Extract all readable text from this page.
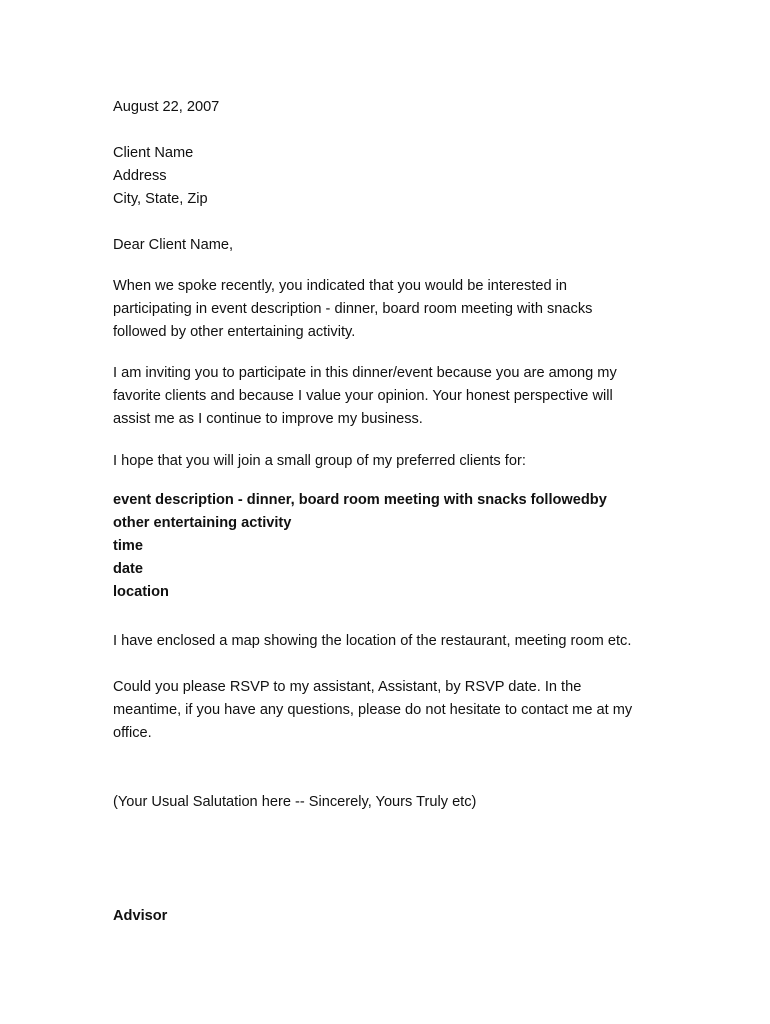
August 22, 2007

Client Name
Address
City, State, Zip

Dear Client Name,

When we spoke recently, you indicated that you would be interested in
participating in event description - dinner, board room meeting with snacks
followed by other entertaining activity.

I am inviting you to participate in this dinner/event because you are among my
favorite clients and because I value your opinion. Your honest perspective will
assist me as I continue to improve my business.

I hope that you will join a small group of my preferred clients for:

event description - dinner, board room meeting with snacks followedby
other entertaining activity
time
date
location

I have enclosed a map showing the location of the restaurant, meeting room etc.

Could you please RSVP to my assistant, Assistant, by RSVP date. In the
meantime, if you have any questions, please do not hesitate to contact me at my
office.

(Your Usual Salutation here -- Sincerely, Yours Truly etc)

Advisor
